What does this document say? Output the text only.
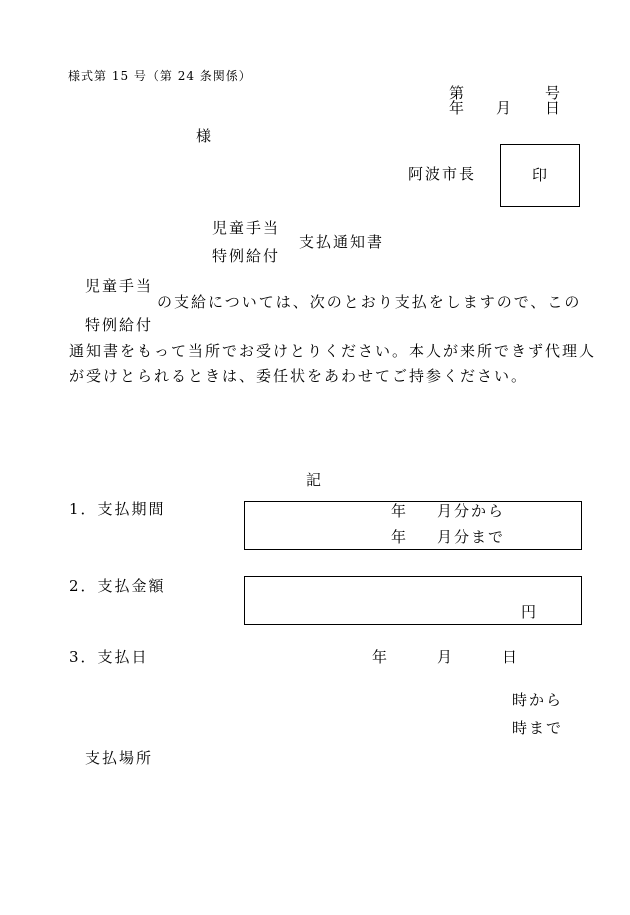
様式第 15 号（第 24 条関係）
第	号
年 月 日
様
阿波市長	印
児童手当
支払通知書
特例給付
児童手当
の支給については、次のとおり支払をしますので、この
特例給付
通知書をもって当所でお受けとりください。本人が来所できず代理人
が受けとられるときは、委任状をあわせてご持参ください。
記
1．支払期間	年 月分から
年 月分まで
2．支払金額
円
3．支払日	年	月	日
時から
時まで
支払場所
